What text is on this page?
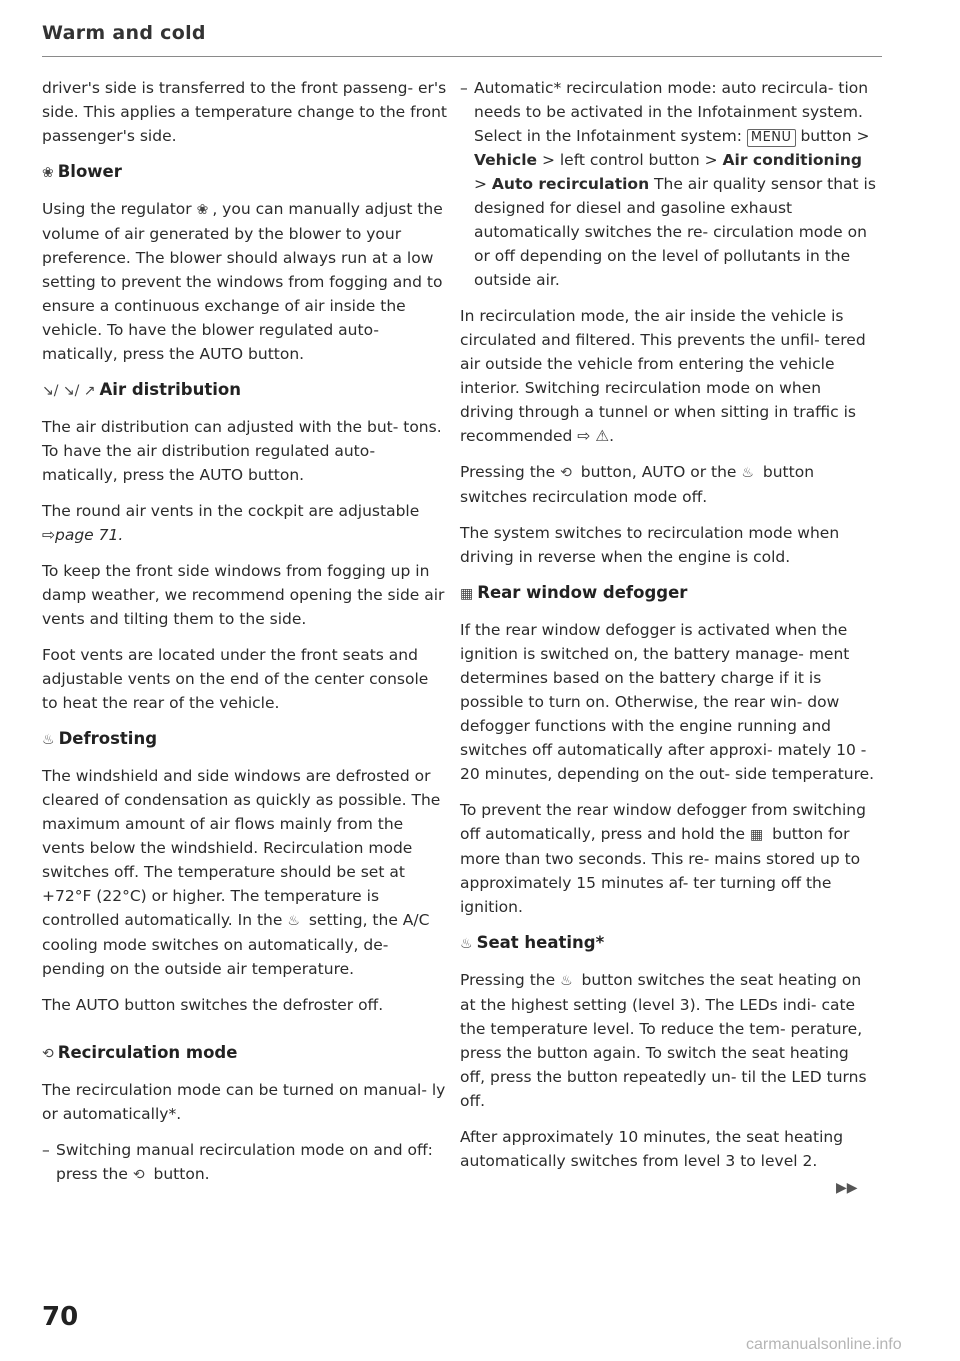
Warm and cold

driver's side is transferred to the front passeng- er's side. This applies a temperature change to the front passenger's side.

❀ Blower

Using the regulator ❀ , you can manually adjust the volume of air generated by the blower to your preference. The blower should always run at a low setting to prevent the windows from fogging and to ensure a continuous exchange of air inside the vehicle. To have the blower regulated auto- matically, press the AUTO button.

↘/ ↘/ ↗ Air distribution

The air distribution can adjusted with the but- tons. To have the air distribution regulated auto- matically, press the AUTO button.

The round air vents in the cockpit are adjustable
⇨page 71.

To keep the front side windows from fogging up in damp weather, we recommend opening the side air vents and tilting them to the side.

Foot vents are located under the front seats and adjustable vents on the end of the center console to heat the rear of the vehicle.

♨ Defrosting

The windshield and side windows are defrosted or cleared of condensation as quickly as possible. The maximum amount of air flows mainly from the vents below the windshield. Recirculation mode switches off. The temperature should be set at +72°F (22°C) or higher. The temperature is controlled automatically. In the ♨ setting, the A/C cooling mode switches on automatically, de- pending on the outside air temperature.

The AUTO button switches the defroster off.

⟲ Recirculation mode

The recirculation mode can be turned on manual- ly or automatically*.

– Switching manual recirculation mode on and off: press the ⟲ button.
– Automatic* recirculation mode: auto recircula- tion needs to be activated in the Infotainment system. Select in the Infotainment system: MENU button > Vehicle > left control button > Air conditioning > Auto recirculation The air quality sensor that is designed for diesel and gasoline exhaust automatically switches the re- circulation mode on or off depending on the level of pollutants in the outside air.

In recirculation mode, the air inside the vehicle is circulated and filtered. This prevents the unfil- tered air outside the vehicle from entering the vehicle interior. Switching recirculation mode on when driving through a tunnel or when sitting in traffic is recommended ⇨ ⚠.

Pressing the ⟲ button, AUTO or the ♨ button switches recirculation mode off.

The system switches to recirculation mode when driving in reverse when the engine is cold.

▦ Rear window defogger

If the rear window defogger is activated when the ignition is switched on, the battery manage- ment determines based on the battery charge if it is possible to turn on. Otherwise, the rear win- dow defogger functions with the engine running and switches off automatically after approxi- mately 10 - 20 minutes, depending on the out- side temperature.

To prevent the rear window defogger from switching off automatically, press and hold the ▦ button for more than two seconds. This re- mains stored up to approximately 15 minutes af- ter turning off the ignition.

♨ Seat heating*

Pressing the ♨ button switches the seat heating on at the highest setting (level 3). The LEDs indi- cate the temperature level. To reduce the tem- perature, press the button again. To switch the seat heating off, press the button repeatedly un- til the LED turns off.

After approximately 10 minutes, the seat heating automatically switches from level 3 to level 2.

▶▶
70
carmanualsonline.info
